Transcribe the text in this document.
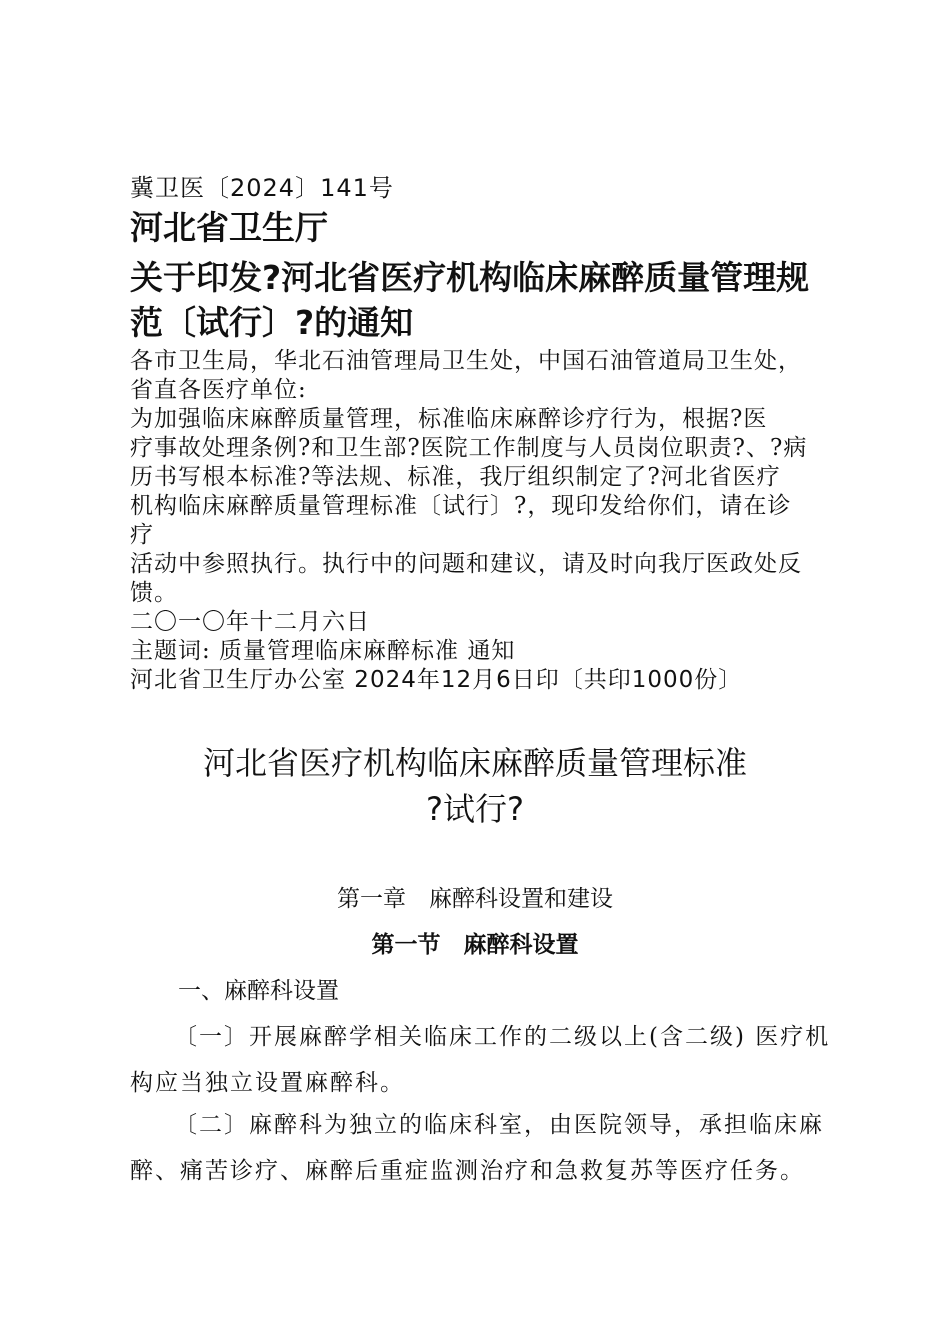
冀卫医〔2024〕141号
河北省卫生厅
关于印发?河北省医疗机构临床麻醉质量管理规
范〔试行〕?的通知
各市卫生局，华北石油管理局卫生处，中国石油管道局卫生处，
省直各医疗单位:
为加强临床麻醉质量管理，标准临床麻醉诊疗行为，根据?医
疗事故处理条例?和卫生部?医院工作制度与人员岗位职责?、?病
历书写根本标准?等法规、标准，我厅组织制定了?河北省医疗
机构临床麻醉质量管理标准〔试行〕?，现印发给你们，请在诊
疗
活动中参照执行。执行中的问题和建议，请及时向我厅医政处反
馈。
二〇一〇年十二月六日
主题词: 质量管理临床麻醉标准 通知
河北省卫生厅办公室 2024年12月6日印〔共印1000份〕
河北省医疗机构临床麻醉质量管理标准
?试行?
第一章　麻醉科设置和建设
第一节　麻醉科设置
一、麻醉科设置
〔一〕开展麻醉学相关临床工作的二级以上(含二级) 医疗机
构应当独立设置麻醉科。
〔二〕麻醉科为独立的临床科室，由医院领导，承担临床麻
醉、痛苦诊疗、麻醉后重症监测治疗和急救复苏等医疗任务。
